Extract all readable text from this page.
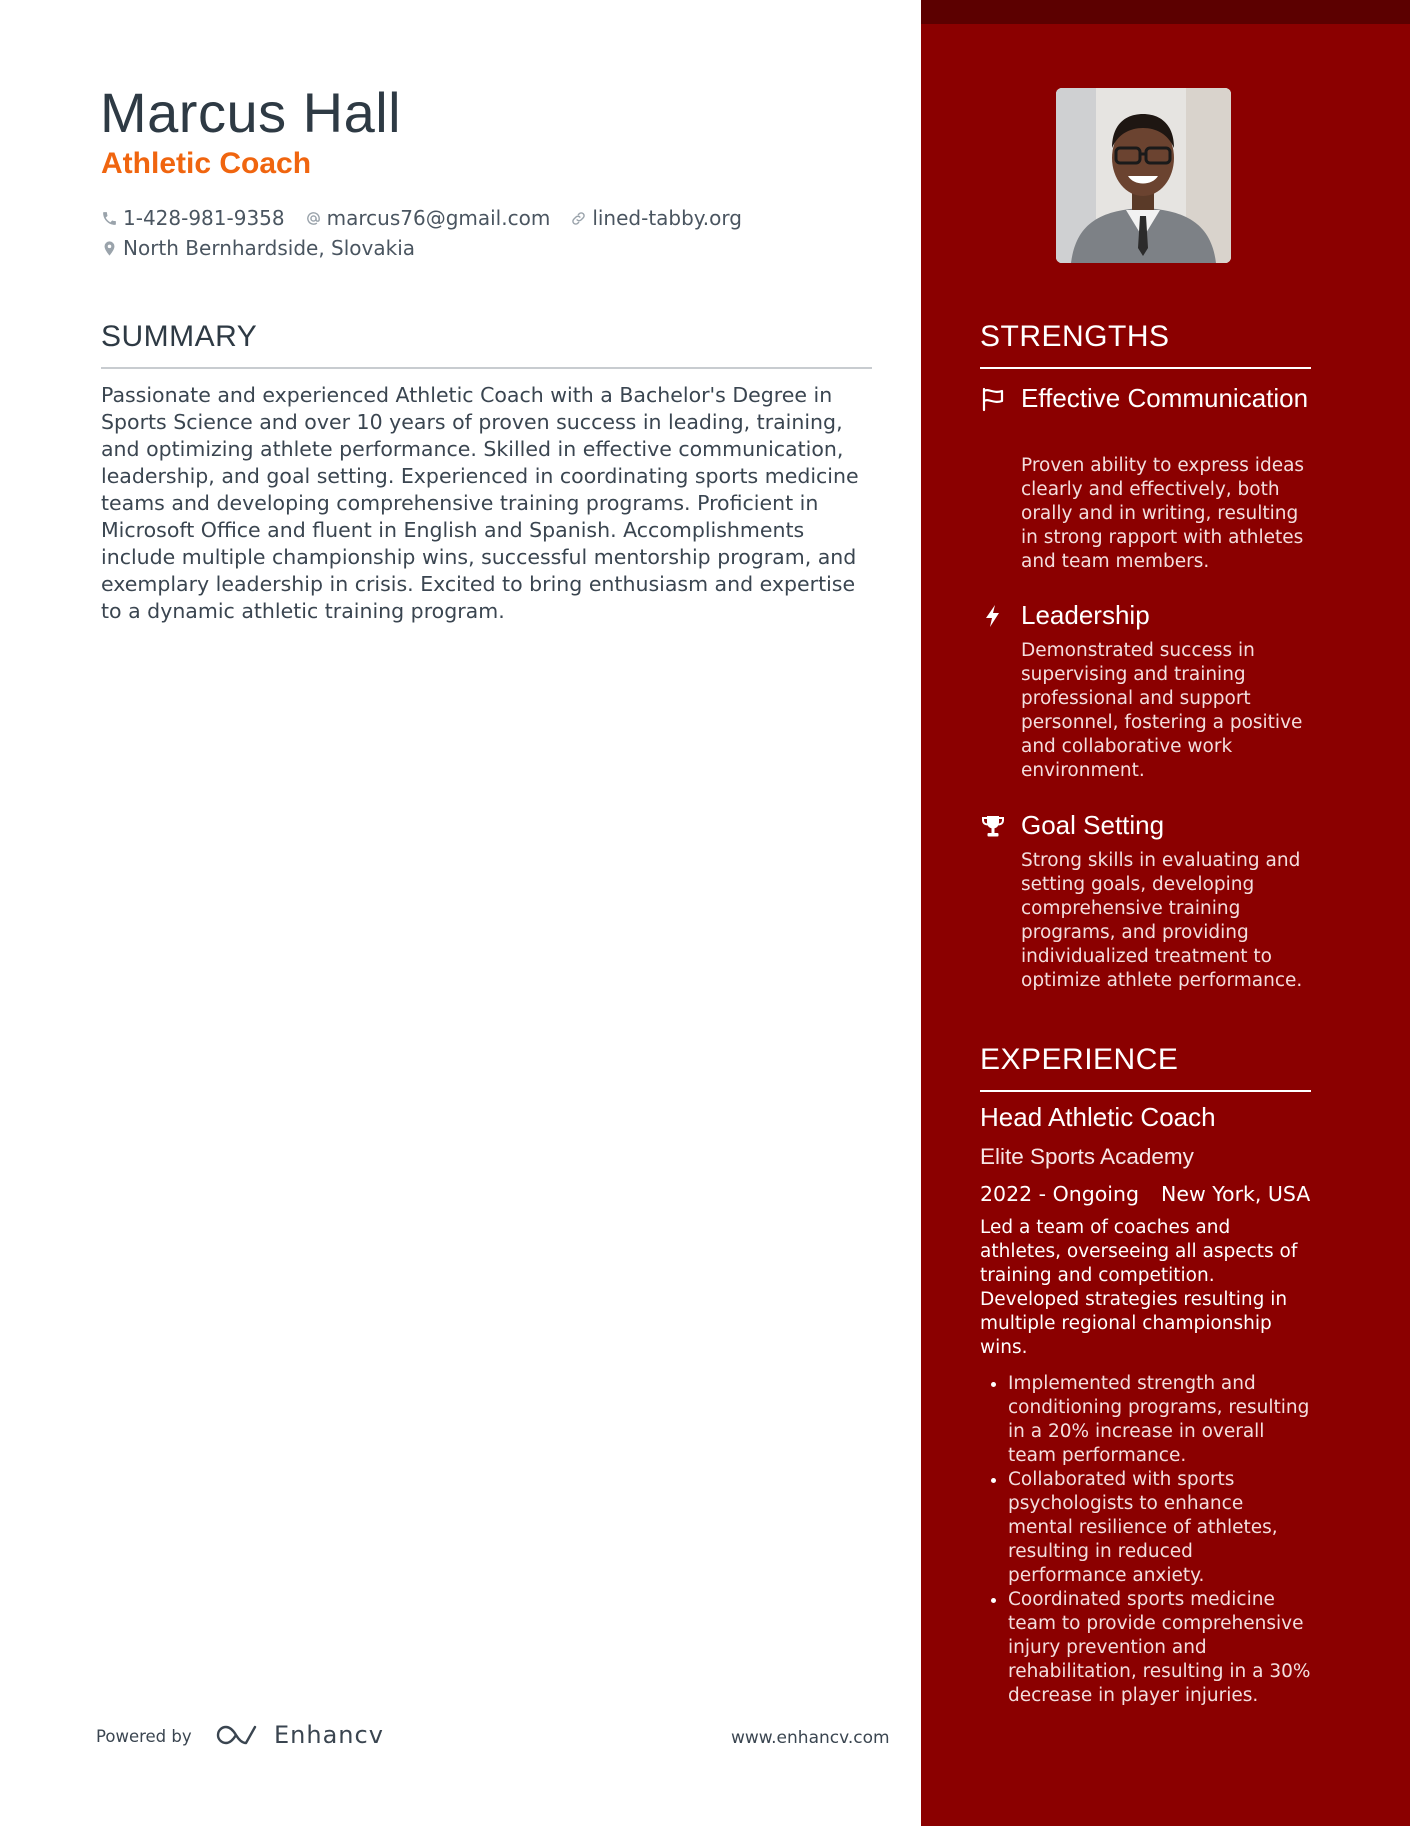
Marcus Hall
Athletic Coach
1-428-981-9358 marcus76@gmail.com lined-tabby.org
North Bernhardside, Slovakia
SUMMARY

Passionate and experienced Athletic Coach with a Bachelor's Degree in Sports Science and over 10 years of proven success in leading, training, and optimizing athlete performance. Skilled in effective communication, leadership, and goal setting. Experienced in coordinating sports medicine teams and developing comprehensive training programs. Proficient in Microsoft Office and fluent in English and Spanish. Accomplishments include multiple championship wins, successful mentorship program, and exemplary leadership in crisis. Excited to bring enthusiasm and expertise to a dynamic athletic training program.

Powered by	Enhancv	www.enhancv.com
STRENGTHS
Effective Communication

Proven ability to express ideas clearly and effectively, both orally and in writing, resulting in strong rapport with athletes and team members.

Leadership

Demonstrated success in supervising and training professional and support personnel, fostering a positive and collaborative work environment.

Goal Setting

Strong skills in evaluating and setting goals, developing comprehensive training programs, and providing individualized treatment to optimize athlete performance.

EXPERIENCE
Head Athletic Coach
Elite Sports Academy
2022 - Ongoing New York, USA

Led a team of coaches and athletes, overseeing all aspects of training and competition. Developed strategies resulting in multiple regional championship wins.

• Implemented strength and conditioning programs, resulting in a 20% increase in overall team performance.
• Collaborated with sports psychologists to enhance mental resilience of athletes, resulting in reduced performance anxiety.
• Coordinated sports medicine team to provide comprehensive injury prevention and rehabilitation, resulting in a 30% decrease in player injuries.
